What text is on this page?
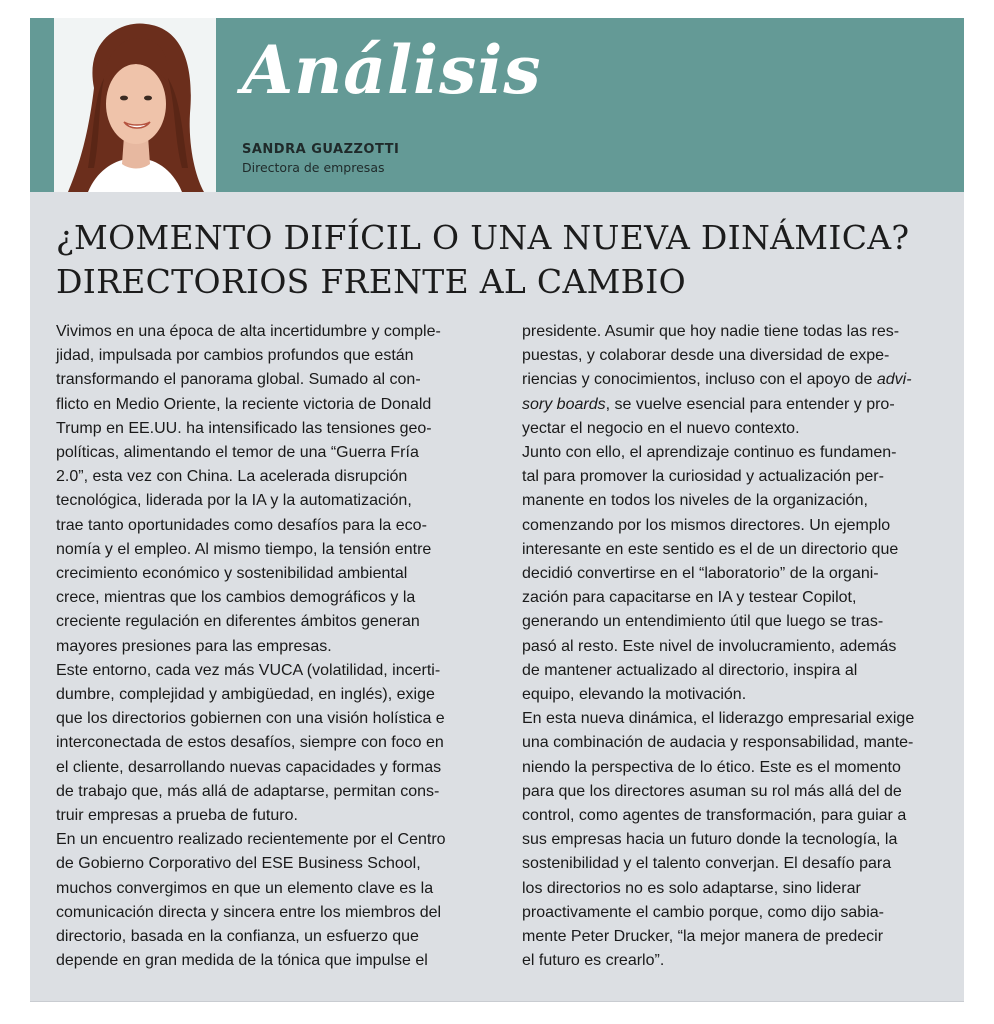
Análisis
SANDRA GUAZZOTTI
Directora de empresas
¿MOMENTO DIFÍCIL O UNA NUEVA DINÁMICA?
DIRECTORIOS FRENTE AL CAMBIO
Vivimos en una época de alta incertidumbre y comple-
jidad, impulsada por cambios profundos que están
transformando el panorama global. Sumado al con-
flicto en Medio Oriente, la reciente victoria de Donald
Trump en EE.UU. ha intensificado las tensiones geo-
políticas, alimentando el temor de una “Guerra Fría
2.0”, esta vez con China. La acelerada disrupción
tecnológica, liderada por la IA y la automatización,
trae tanto oportunidades como desafíos para la eco-
nomía y el empleo. Al mismo tiempo, la tensión entre
crecimiento económico y sostenibilidad ambiental
crece, mientras que los cambios demográficos y la
creciente regulación en diferentes ámbitos generan
mayores presiones para las empresas.
Este entorno, cada vez más VUCA (volatilidad, incerti-
dumbre, complejidad y ambigüedad, en inglés), exige
que los directorios gobiernen con una visión holística e
interconectada de estos desafíos, siempre con foco en
el cliente, desarrollando nuevas capacidades y formas
de trabajo que, más allá de adaptarse, permitan cons-
truir empresas a prueba de futuro.
En un encuentro realizado recientemente por el Centro
de Gobierno Corporativo del ESE Business School,
muchos convergimos en que un elemento clave es la
comunicación directa y sincera entre los miembros del
directorio, basada en la confianza, un esfuerzo que
depende en gran medida de la tónica que impulse el
presidente. Asumir que hoy nadie tiene todas las res-
puestas, y colaborar desde una diversidad de expe-
riencias y conocimientos, incluso con el apoyo de advi-
sory boards, se vuelve esencial para entender y pro-
yectar el negocio en el nuevo contexto.
Junto con ello, el aprendizaje continuo es fundamen-
tal para promover la curiosidad y actualización per-
manente en todos los niveles de la organización,
comenzando por los mismos directores. Un ejemplo
interesante en este sentido es el de un directorio que
decidió convertirse en el “laboratorio” de la organi-
zación para capacitarse en IA y testear Copilot,
generando un entendimiento útil que luego se tras-
pasó al resto. Este nivel de involucramiento, además
de mantener actualizado al directorio, inspira al
equipo, elevando la motivación.
En esta nueva dinámica, el liderazgo empresarial exige
una combinación de audacia y responsabilidad, mante-
niendo la perspectiva de lo ético. Este es el momento
para que los directores asuman su rol más allá del de
control, como agentes de transformación, para guiar a
sus empresas hacia un futuro donde la tecnología, la
sostenibilidad y el talento converjan. El desafío para
los directorios no es solo adaptarse, sino liderar
proactivamente el cambio porque, como dijo sabia-
mente Peter Drucker, “la mejor manera de predecir
el futuro es crearlo”.
